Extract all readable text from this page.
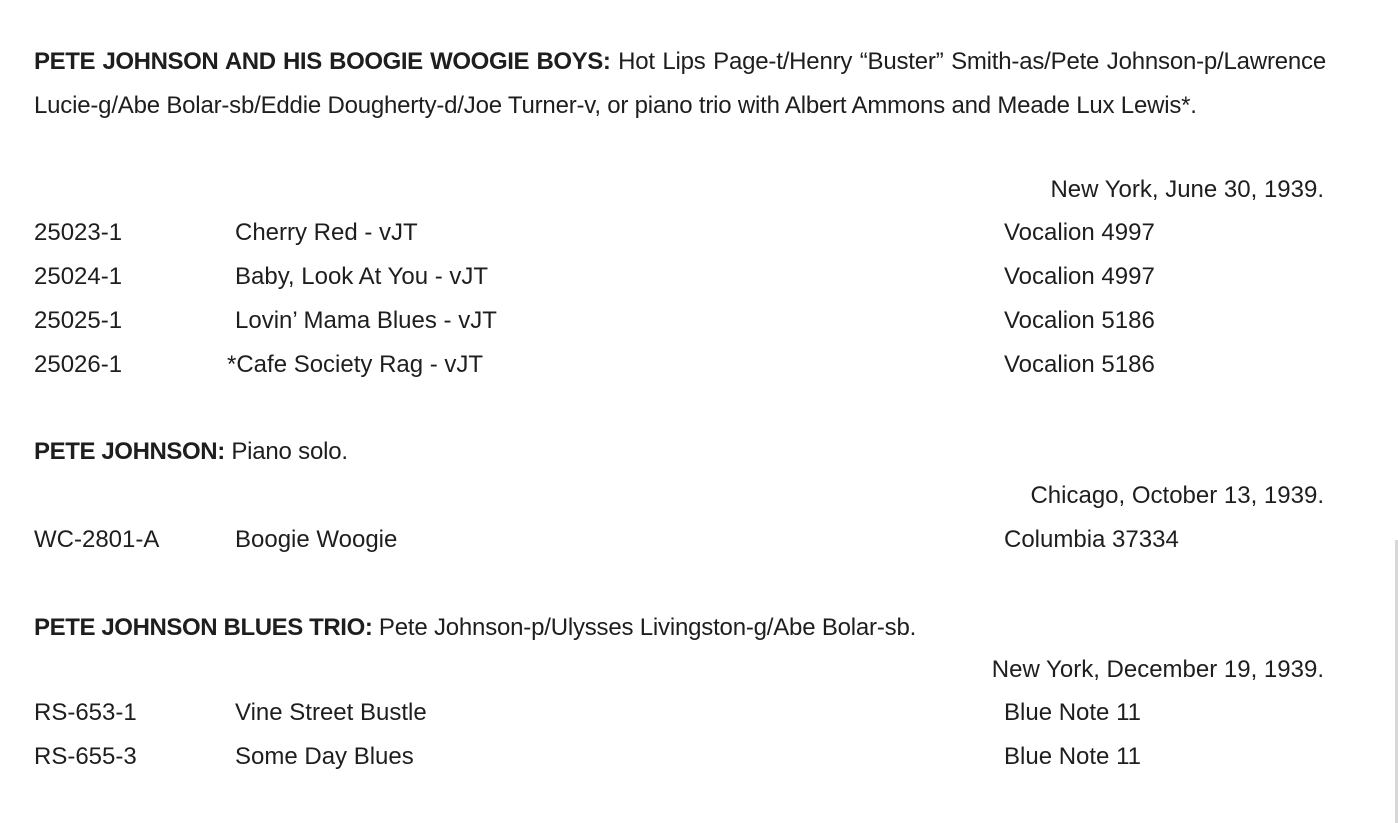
PETE JOHNSON AND HIS BOOGIE WOOGIE BOYS: Hot Lips Page-t/Henry “Buster” Smith-as/Pete Johnson-p/Lawrence Lucie-g/Abe Bolar-sb/Eddie Dougherty-d/Joe Turner-v, or piano trio with Albert Ammons and Meade Lux Lewis*.
New York, June 30, 1939.
25023-1	Cherry Red - vJT	Vocalion 4997
25024-1	Baby, Look At You - vJT	Vocalion 4997
25025-1	Lovin’ Mama Blues - vJT	Vocalion 5186
25026-1	*Cafe Society Rag - vJT	Vocalion 5186
PETE JOHNSON: Piano solo.
Chicago, October 13, 1939.
WC-2801-A	Boogie Woogie	Columbia 37334
PETE JOHNSON BLUES TRIO: Pete Johnson-p/Ulysses Livingston-g/Abe Bolar-sb.
New York, December 19, 1939.
RS-653-1	Vine Street Bustle	Blue Note 11
RS-655-3	Some Day Blues	Blue Note 11
